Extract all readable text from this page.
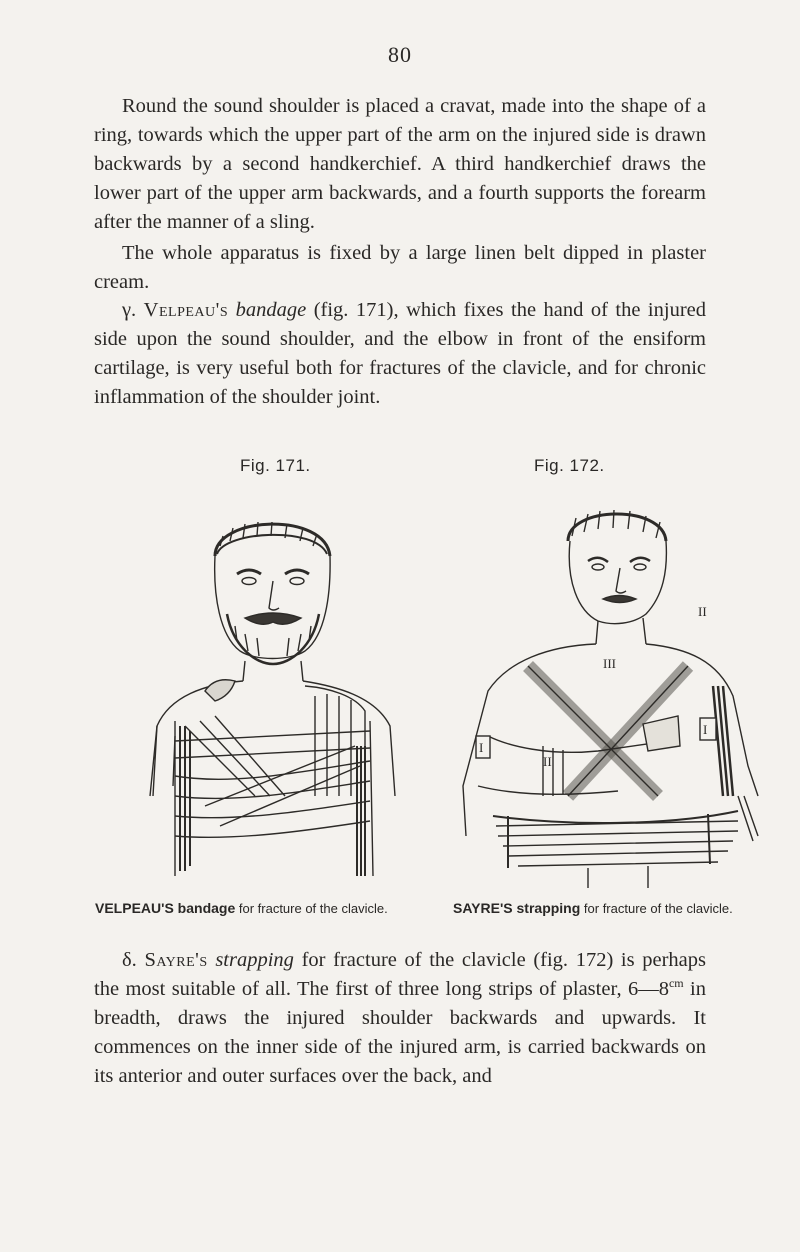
80

Round the sound shoulder is placed a cravat, made into the shape of a ring, towards which the upper part of the arm on the injured side is drawn backwards by a second handkerchief. A third handkerchief draws the lower part of the upper arm backwards, and a fourth supports the forearm after the manner of a sling.

The whole apparatus is fixed by a large linen belt dipped in plaster cream.

γ. Velpeau's bandage (fig. 171), which fixes the hand of the injured side upon the sound shoulder, and the elbow in front of the ensiform cartilage, is very useful both for fractures of the clavicle, and for chronic inflammation of the shoulder joint.

Fig. 171.	Fig. 172.
II
III
I
II
I
VELPEAU'S bandage for fracture of the clavicle.	SAYRE'S strapping for fracture of the clavicle.

δ. Sayre's strapping for fracture of the clavicle (fig. 172) is perhaps the most suitable of all. The first of three long strips of plaster, $6—8^{cm}$ in breadth, draws the injured shoulder backwards and upwards. It commences on the inner side of the injured arm, is carried backwards on its anterior and outer surfaces over the back, and
